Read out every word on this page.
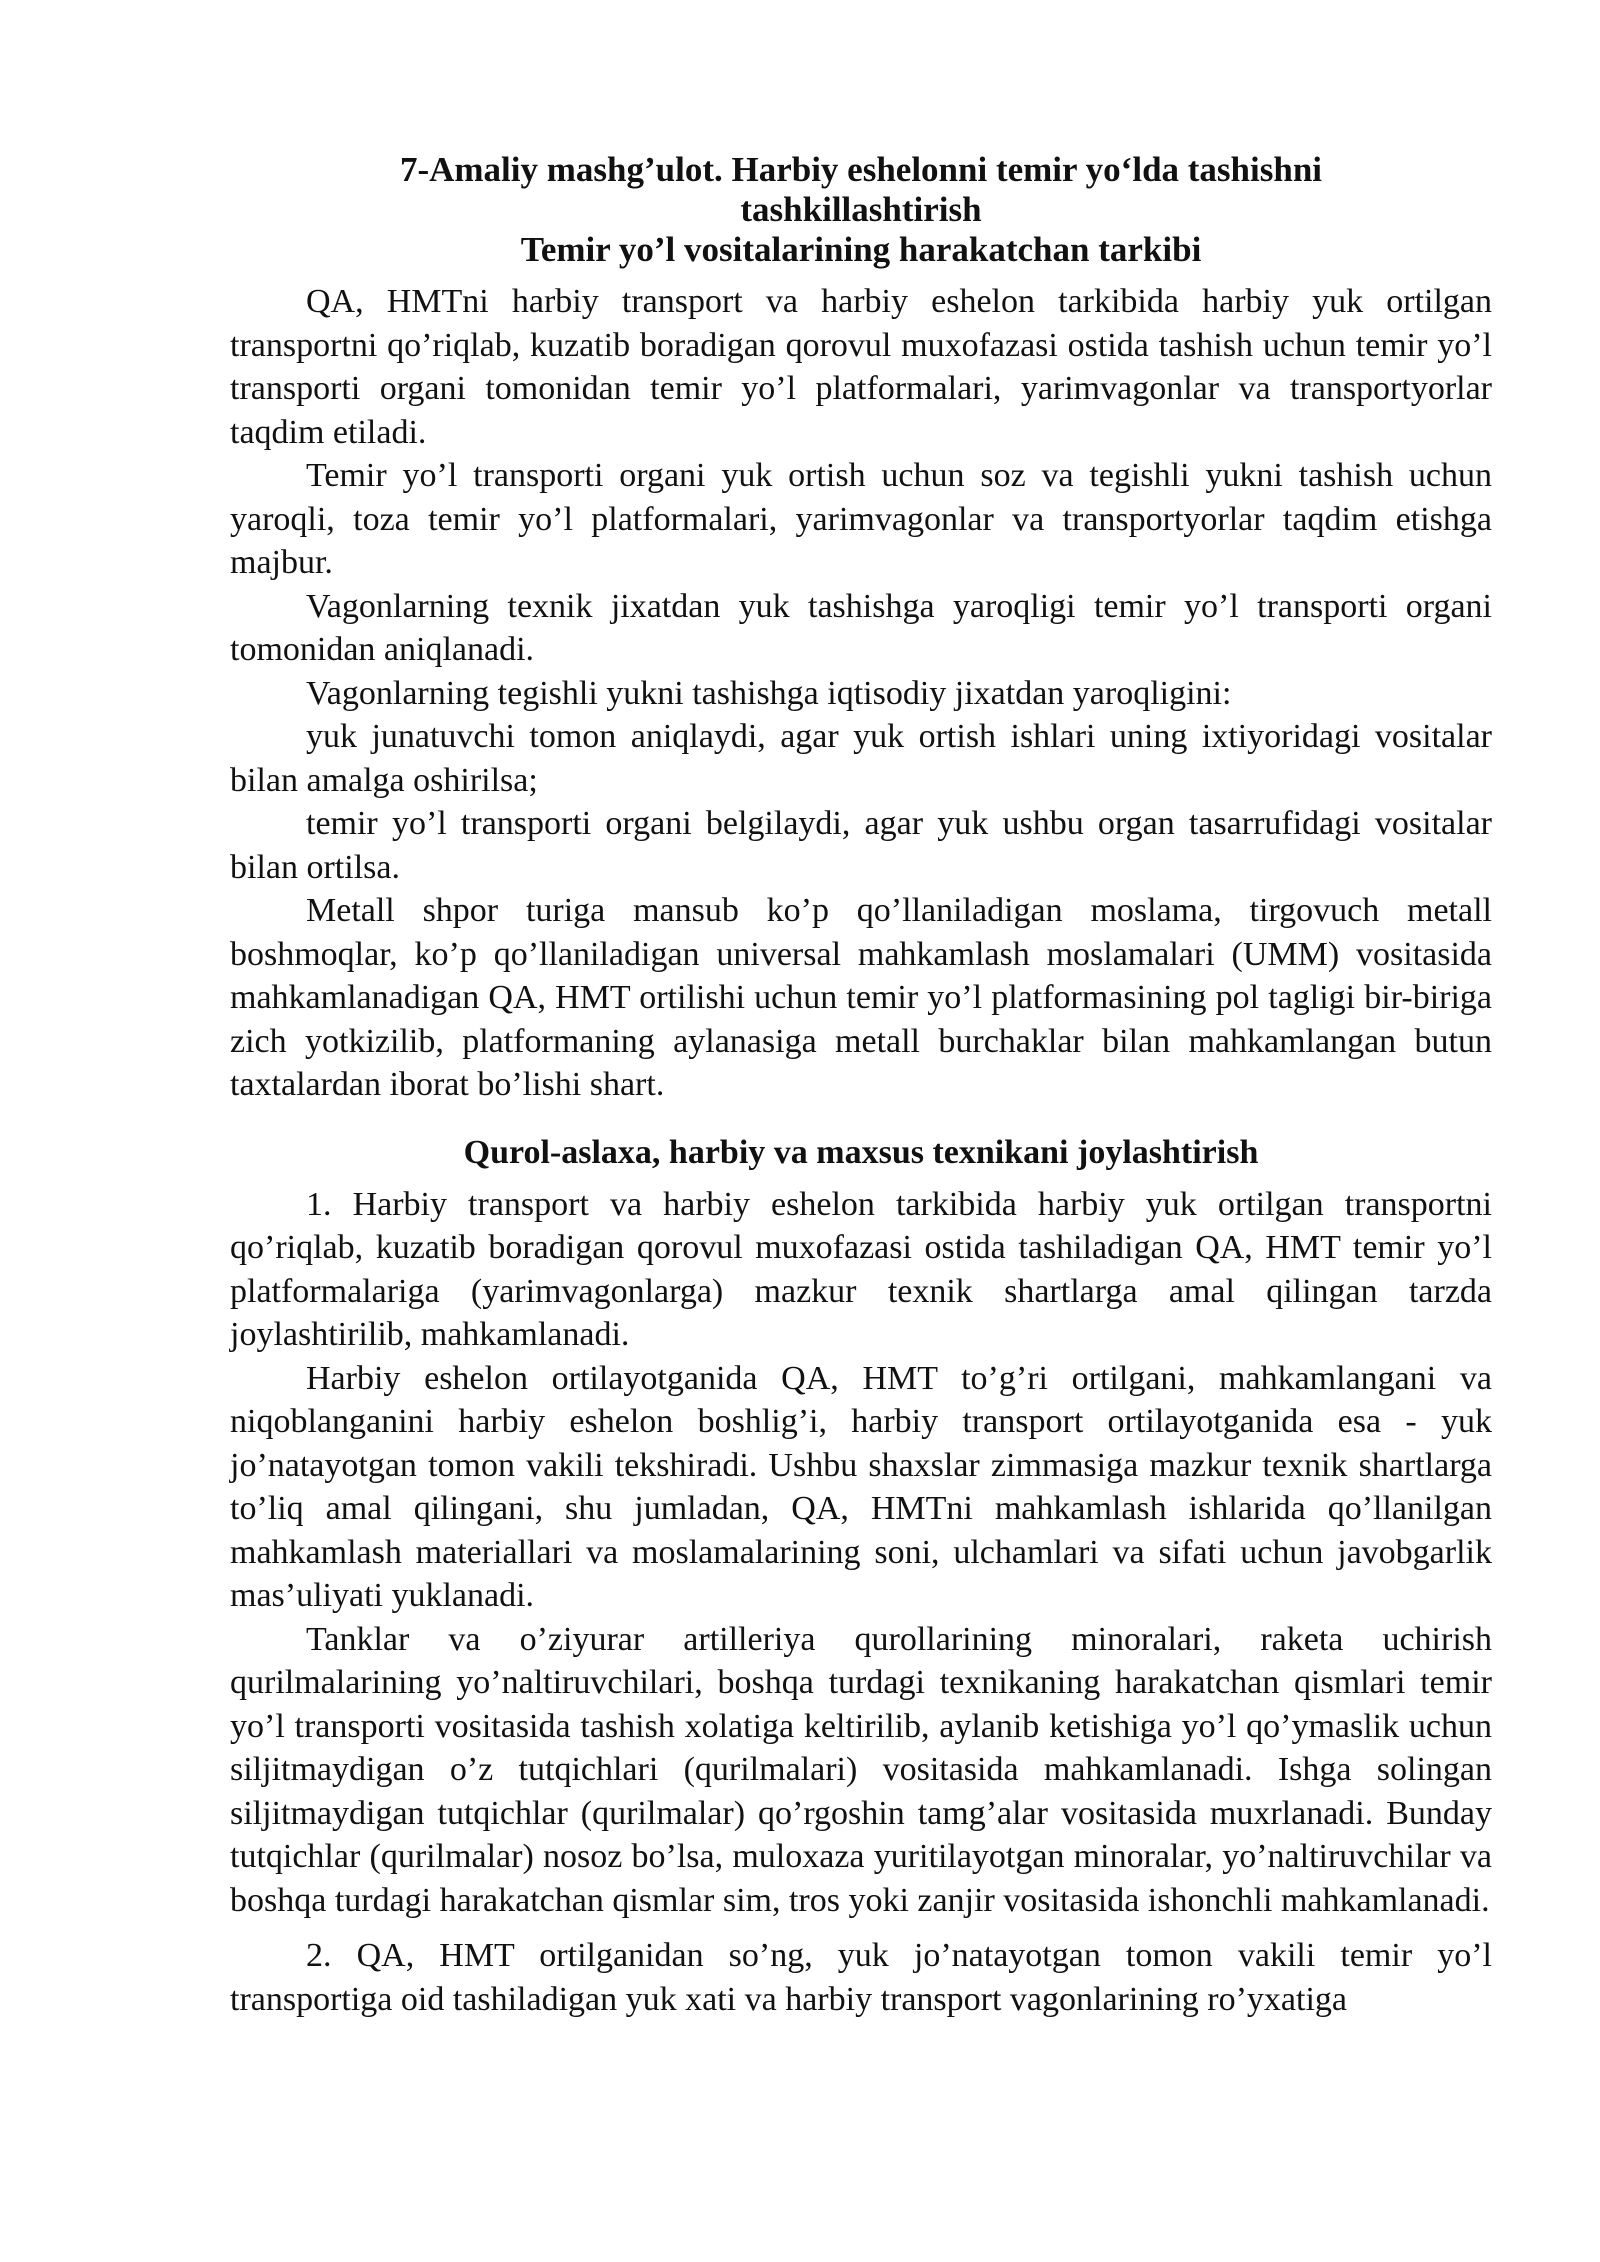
7-Amaliy mashg’ulot. Harbiy eshelonni temir yo‘lda tashishni

tashkillashtirish

Temir yo’l vositalarining harakatchan tarkibi

QA, HMTni harbiy transport va harbiy eshelon tarkibida harbiy yuk ortilgan transportni qo’riqlab, kuzatib boradigan qorovul muxofazasi ostida tashish uchun temir yo’l transporti organi tomonidan temir yo’l platformalari, yarimvagonlar va transportyorlar taqdim etiladi.

Temir yo’l transporti organi yuk ortish uchun soz va tegishli yukni tashish uchun yaroqli, toza temir yo’l platformalari, yarimvagonlar va transportyorlar taqdim etishga majbur.

Vagonlarning texnik jixatdan yuk tashishga yaroqligi temir yo’l transporti organi tomonidan aniqlanadi.

Vagonlarning tegishli yukni tashishga iqtisodiy jixatdan yaroqligini:

yuk junatuvchi tomon aniqlaydi, agar yuk ortish ishlari uning ixtiyoridagi vositalar bilan amalga oshirilsa;

temir yo’l transporti organi belgilaydi, agar yuk ushbu organ tasarrufidagi vositalar bilan ortilsa.

Metall shpor turiga mansub ko’p qo’llaniladigan moslama, tirgovuch metall boshmoqlar, ko’p qo’llaniladigan universal mahkamlash moslamalari (UMM) vositasida mahkamlanadigan QA, HMT ortilishi uchun temir yo’l platformasining pol tagligi bir-biriga zich yotkizilib, platformaning aylanasiga metall burchaklar bilan mahkamlangan butun taxtalardan iborat bo’lishi shart.

Qurol-aslaxa, harbiy va maxsus texnikani joylashtirish

1. Harbiy transport va harbiy eshelon tarkibida harbiy yuk ortilgan transportni qo’riqlab, kuzatib boradigan qorovul muxofazasi ostida tashiladigan QA, HMT temir yo’l platformalariga (yarimvagonlarga) mazkur texnik shartlarga amal qilingan tarzda joylashtirilib, mahkamlanadi.

Harbiy eshelon ortilayotganida QA, HMT to’g’ri ortilgani, mahkamlangani va niqoblanganini harbiy eshelon boshlig’i, harbiy transport ortilayotganida esa - yuk jo’natayotgan tomon vakili tekshiradi. Ushbu shaxslar zimmasiga mazkur texnik shartlarga to’liq amal qilingani, shu jumladan, QA, HMTni mahkamlash ishlarida qo’llanilgan mahkamlash materiallari va moslamalarining soni, ulchamlari va sifati uchun javobgarlik mas’uliyati yuklanadi.

Tanklar va o’ziyurar artilleriya qurollarining minoralari, raketa uchirish qurilmalarining yo’naltiruvchilari, boshqa turdagi texnikaning harakatchan qismlari temir yo’l transporti vositasida tashish xolatiga keltirilib, aylanib ketishiga yo’l qo’ymaslik uchun siljitmaydigan o’z tutqichlari (qurilmalari) vositasida mahkamlanadi. Ishga solingan siljitmaydigan tutqichlar (qurilmalar) qo’rgoshin tamg’alar vositasida muxrlanadi. Bunday tutqichlar (qurilmalar) nosoz bo’lsa, muloxaza yuritilayotgan minoralar, yo’naltiruvchilar va boshqa turdagi harakatchan qismlar sim, tros yoki zanjir vositasida ishonchli mahkamlanadi.

2. QA, HMT ortilganidan so’ng, yuk jo’natayotgan tomon vakili temir yo’l transportiga oid tashiladigan yuk xati va harbiy transport vagonlarining ro’yxatiga
